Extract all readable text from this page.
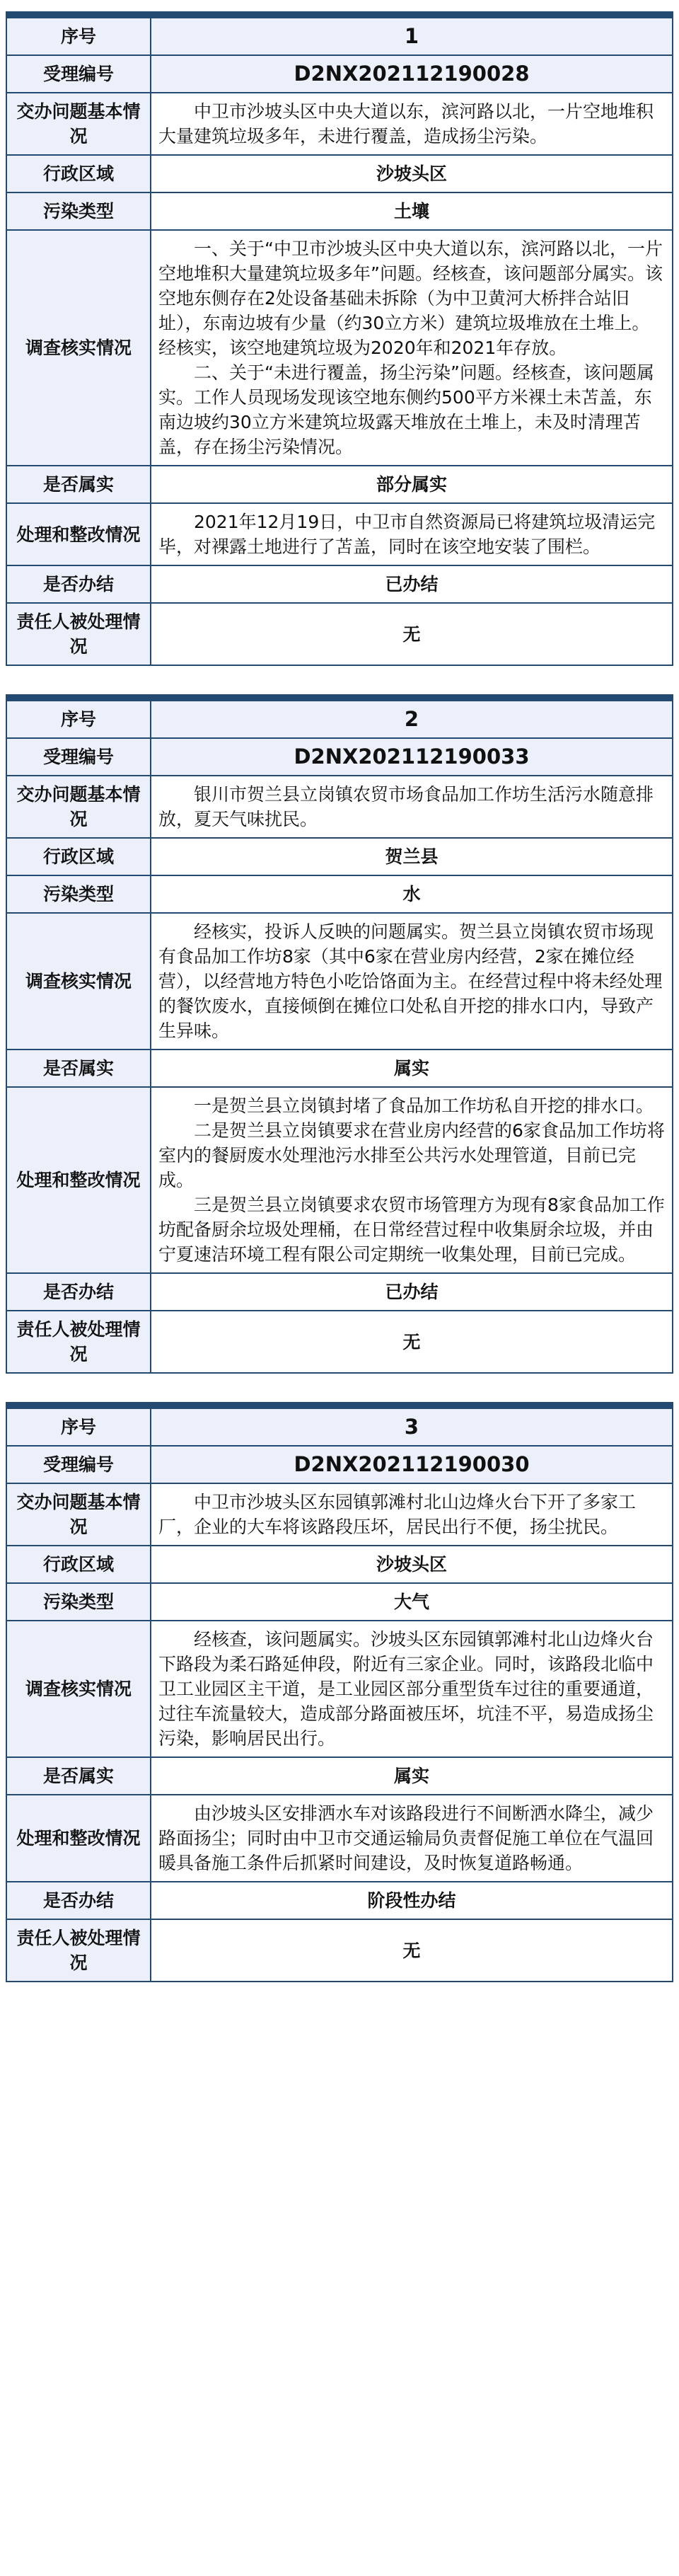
序号	1
受理编号	D2NX202112190028
交办问题基本情况	中卫市沙坡头区中央大道以东，滨河路以北，一片空地堆积大量建筑垃圾多年，未进行覆盖，造成扬尘污染。

行政区域	沙坡头区
污染类型	土壤
调查核实情况	一、关于“中卫市沙坡头区中央大道以东，滨河路以北，一片空地堆积大量建筑垃圾多年”问题。经核查，该问题部分属实。该空地东侧存在2处设备基础未拆除（为中卫黄河大桥拌合站旧址），东南边坡有少量（约30立方米）建筑垃圾堆放在土堆上。经核实，该空地建筑垃圾为2020年和2021年存放。

二、关于“未进行覆盖，扬尘污染”问题。经核查，该问题属实。工作人员现场发现该空地东侧约500平方米裸土未苫盖，东南边坡约30立方米建筑垃圾露天堆放在土堆上，未及时清理苫盖，存在扬尘污染情况。

是否属实	部分属实
处理和整改情况	2021年12月19日，中卫市自然资源局已将建筑垃圾清运完毕，对裸露土地进行了苫盖，同时在该空地安装了围栏。

是否办结	已办结
责任人被处理情况	无
序号	2
受理编号	D2NX202112190033
交办问题基本情况	银川市贺兰县立岗镇农贸市场食品加工作坊生活污水随意排放，夏天气味扰民。

行政区域	贺兰县
污染类型	水
调查核实情况	经核实，投诉人反映的问题属实。贺兰县立岗镇农贸市场现有食品加工作坊8家（其中6家在营业房内经营，2家在摊位经营），以经营地方特色小吃饸饹面为主。在经营过程中将未经处理的餐饮废水，直接倾倒在摊位口处私自开挖的排水口内，导致产生异味。

是否属实	属实
处理和整改情况	一是贺兰县立岗镇封堵了食品加工作坊私自开挖的排水口。

二是贺兰县立岗镇要求在营业房内经营的6家食品加工作坊将室内的餐厨废水处理池污水排至公共污水处理管道，目前已完成。

三是贺兰县立岗镇要求农贸市场管理方为现有8家食品加工作坊配备厨余垃圾处理桶，在日常经营过程中收集厨余垃圾，并由宁夏速洁环境工程有限公司定期统一收集处理，目前已完成。

是否办结	已办结
责任人被处理情况	无
序号	3
受理编号	D2NX202112190030
交办问题基本情况	中卫市沙坡头区东园镇郭滩村北山边烽火台下开了多家工厂，企业的大车将该路段压坏，居民出行不便，扬尘扰民。

行政区域	沙坡头区
污染类型	大气
调查核实情况	经核查，该问题属实。沙坡头区东园镇郭滩村北山边烽火台下路段为柔石路延伸段，附近有三家企业。同时，该路段北临中卫工业园区主干道，是工业园区部分重型货车过往的重要通道，过往车流量较大，造成部分路面被压坏，坑洼不平，易造成扬尘污染，影响居民出行。

是否属实	属实
处理和整改情况	由沙坡头区安排洒水车对该路段进行不间断洒水降尘，减少路面扬尘；同时由中卫市交通运输局负责督促施工单位在气温回暖具备施工条件后抓紧时间建设，及时恢复道路畅通。

是否办结	阶段性办结
责任人被处理情况	无
